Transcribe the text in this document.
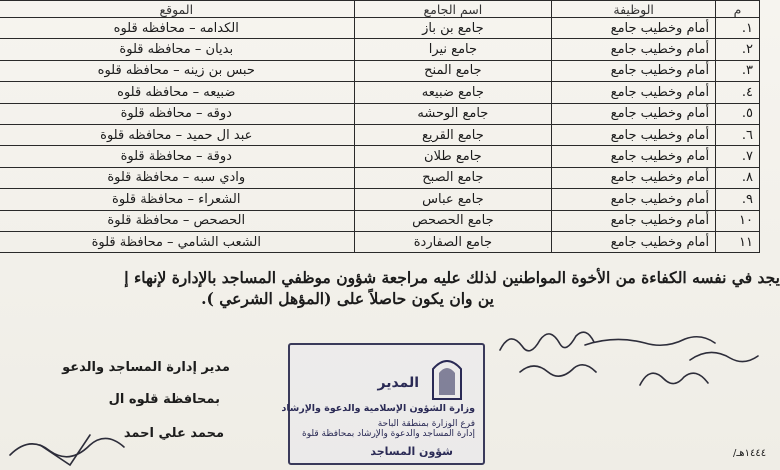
م	الوظيفة	اسم الجامع	الموقع
١.	أمام وخطيب جامع	جامع بن باز	الكدامه – محافظه قلوه
٢.	أمام وخطيب جامع	جامع نيرا	بديان – محافظه قلوة
٣.	أمام وخطيب جامع	جامع المنح	حبس بن زينه – محافظه قلوه
٤.	أمام وخطيب جامع	جامع ضبيعه	ضبيعه – محافظه قلوه
٥.	أمام وخطيب جامع	جامع الوحشه	دوقه – محافظه قلوة
٦.	أمام وخطيب جامع	جامع القريع	عبد ال حميد – محافظه قلوة
٧.	أمام وخطيب جامع	جامع طلان	دوقة – محافظة قلوة
٨.	أمام وخطيب جامع	جامع الصبح	وادي سبه – محافظة قلوة
٩.	أمام وخطيب جامع	جامع عباس	الشعراء – محافظة قلوة
١٠	أمام وخطيب جامع	جامع الحصحص	الحصحص – محافظة قلوة
١١	أمام وخطيب جامع	جامع الصفاردة	الشعب الشامي – محافظة قلوة
يجد في نفسه الكفاءة من الأخوة المواطنين لذلك عليه مراجعة شؤون موظفي المساجد بالإدارة لإنهاء إ
ين وان يكون حاصلاً على (المؤهل الشرعي ).
مدير إدارة المساجد والدعو
بمحافظة قلوه ال
محمد علي احمد
المدير
وزارة الشؤون الإسلامية والدعوة والإرشاد
فرع الوزارة بمنطقة الباحة
إدارة المساجد والدعوة والإرشاد بمحافظة قلوة
شؤون المساجد	١٤٤٤هـ/
